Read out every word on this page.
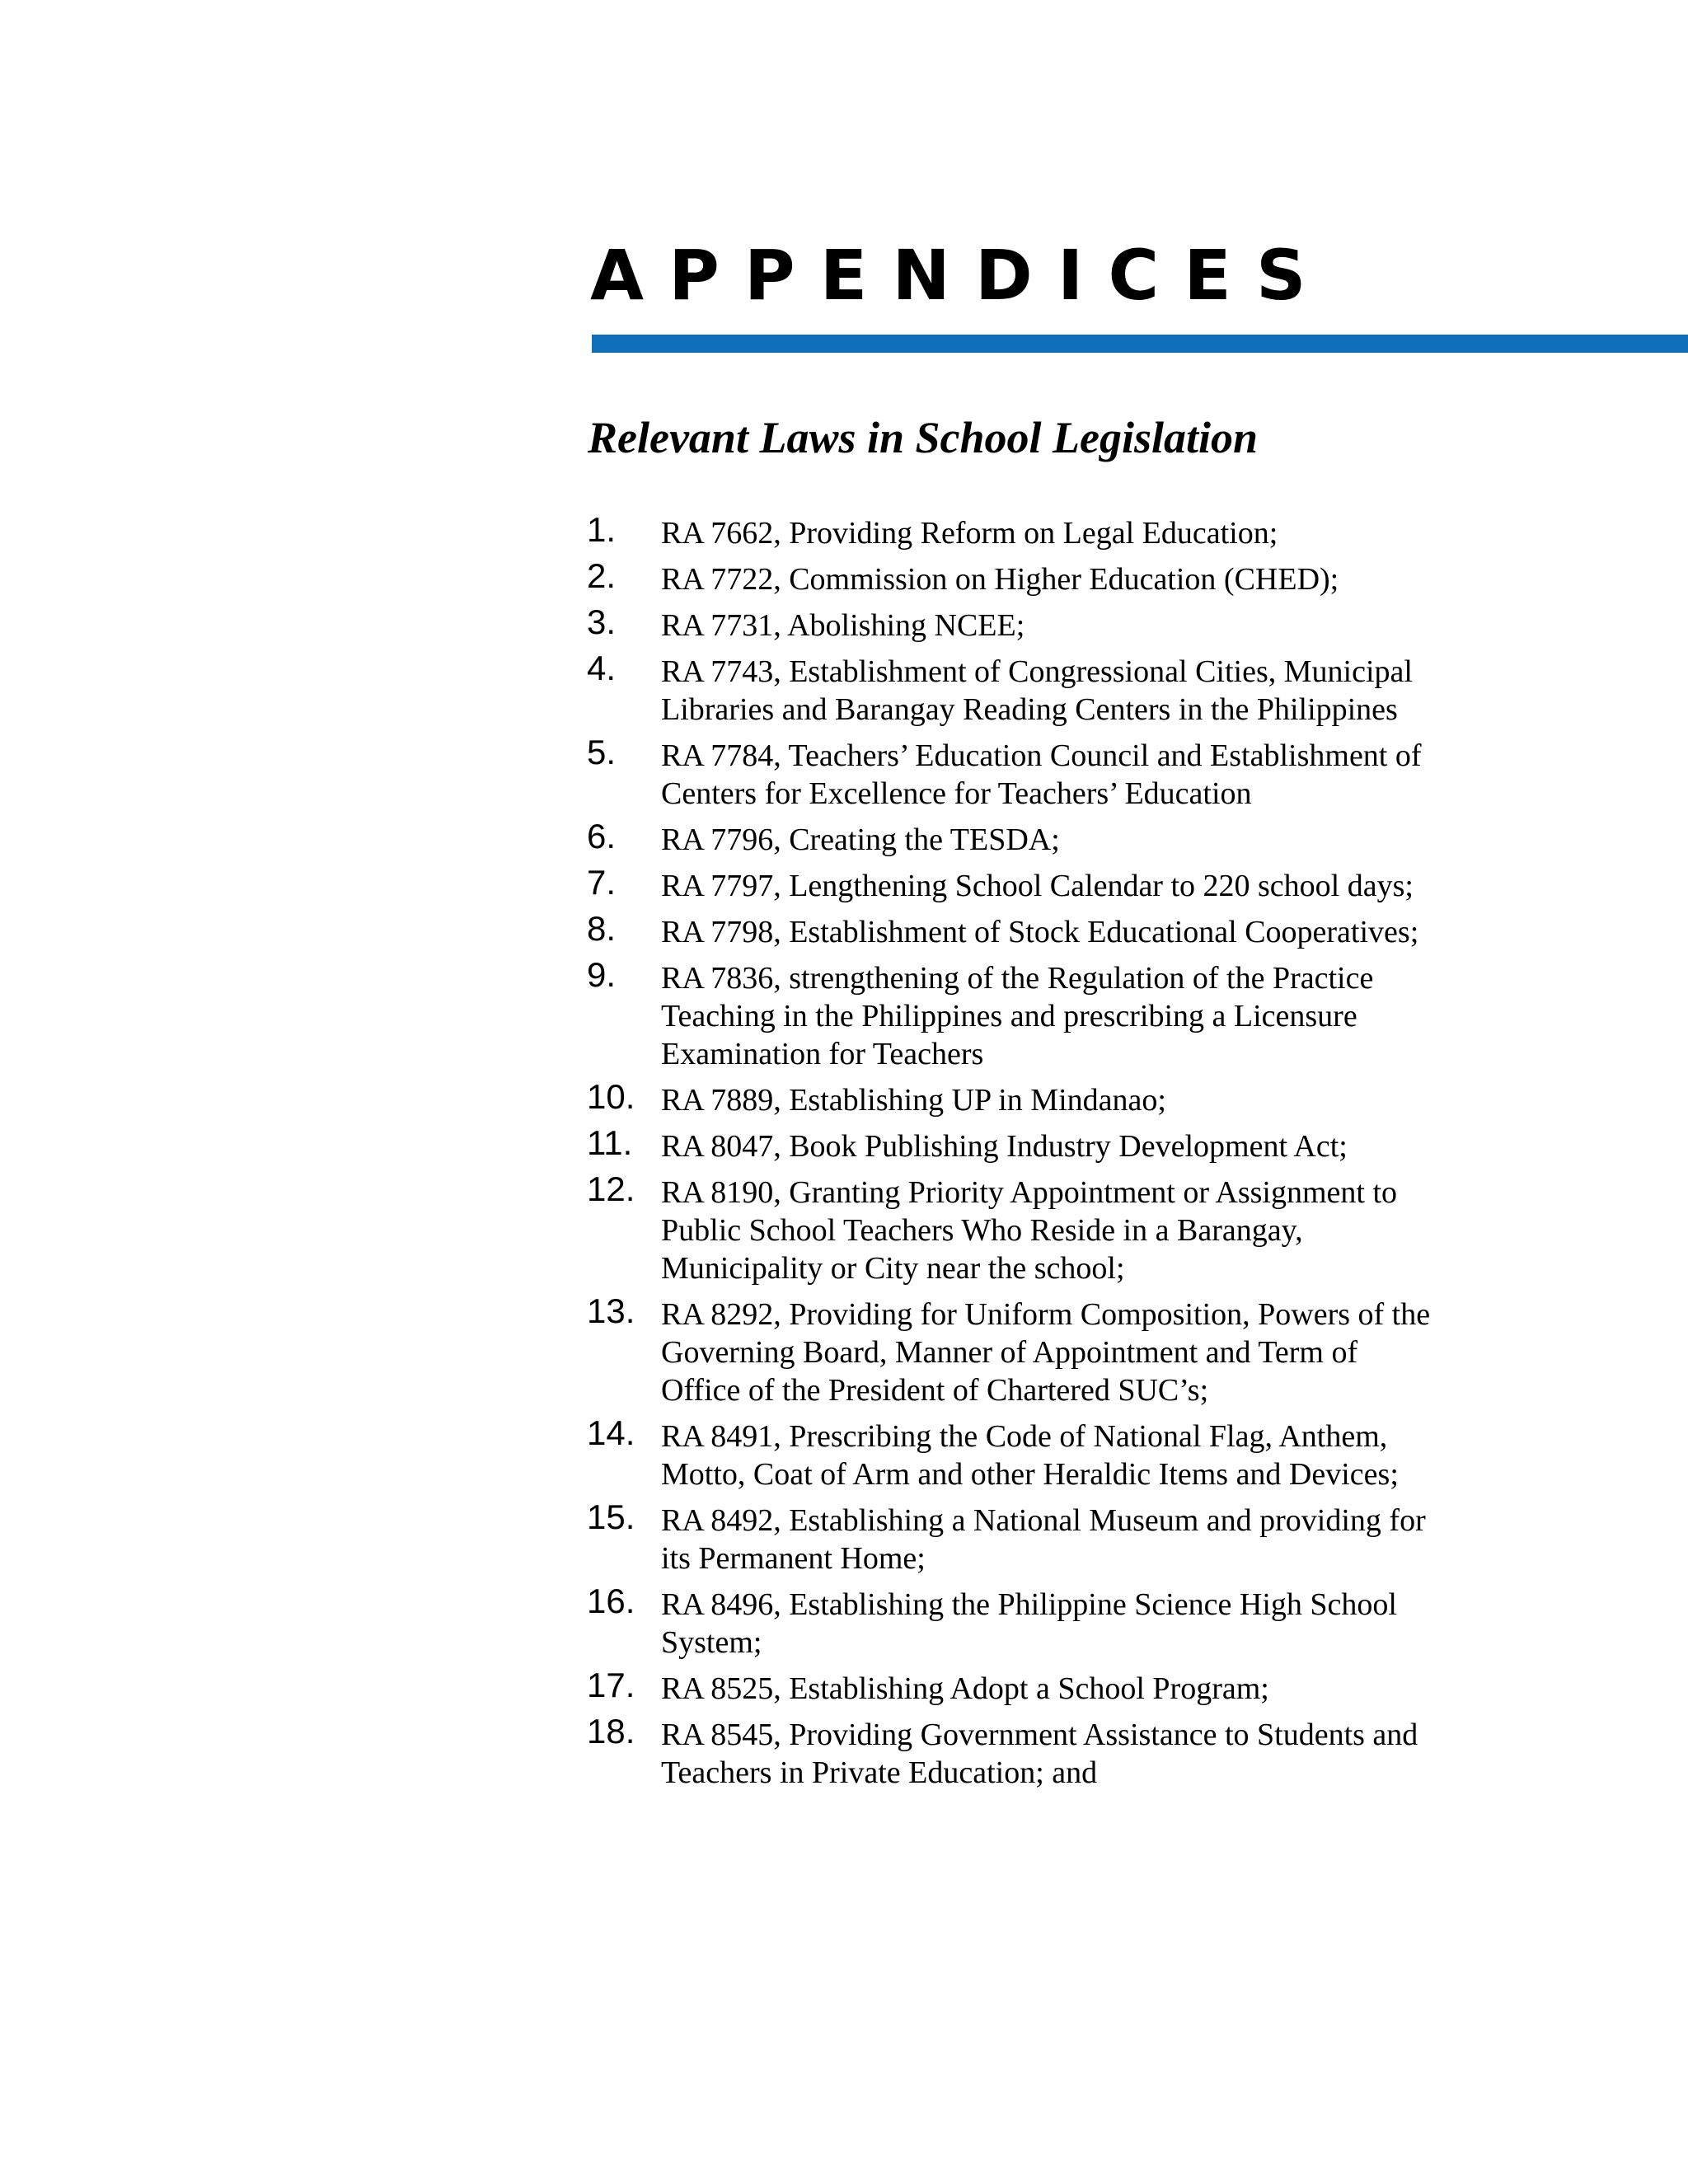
APPENDICES
Relevant Laws in School Legislation
1.	RA 7662, Providing Reform on Legal Education;
2.	RA 7722, Commission on Higher Education (CHED);
3.	RA 7731, Abolishing NCEE;
4.	RA 7743, Establishment of Congressional Cities, Municipal Libraries and Barangay Reading Centers in the Philippines
5.	RA 7784, Teachers’ Education Council and Establishment of Centers for Excellence for Teachers’ Education
6.	RA 7796, Creating the TESDA;
7.	RA 7797, Lengthening School Calendar to 220 school days;
8.	RA 7798, Establishment of Stock Educational Cooperatives;
9.	RA 7836, strengthening of the Regulation of the Practice Teaching in the Philippines and prescribing a Licensure Examination for Teachers
10. RA 7889, Establishing UP in Mindanao;
11. RA 8047, Book Publishing Industry Development Act;
12. RA 8190, Granting Priority Appointment or Assignment to Public School Teachers Who Reside in a Barangay, Municipality or City near the school;
13. RA 8292, Providing for Uniform Composition, Powers of the Governing Board, Manner of Appointment and Term of Office of the President of Chartered SUC’s;
14. RA 8491, Prescribing the Code of National Flag, Anthem, Motto, Coat of Arm and other Heraldic Items and Devices;
15. RA 8492, Establishing a National Museum and providing for its Permanent Home;
16. RA 8496, Establishing the Philippine Science High School System;
17. RA 8525, Establishing Adopt a School Program;
18. RA 8545, Providing Government Assistance to Students and Teachers in Private Education; and
